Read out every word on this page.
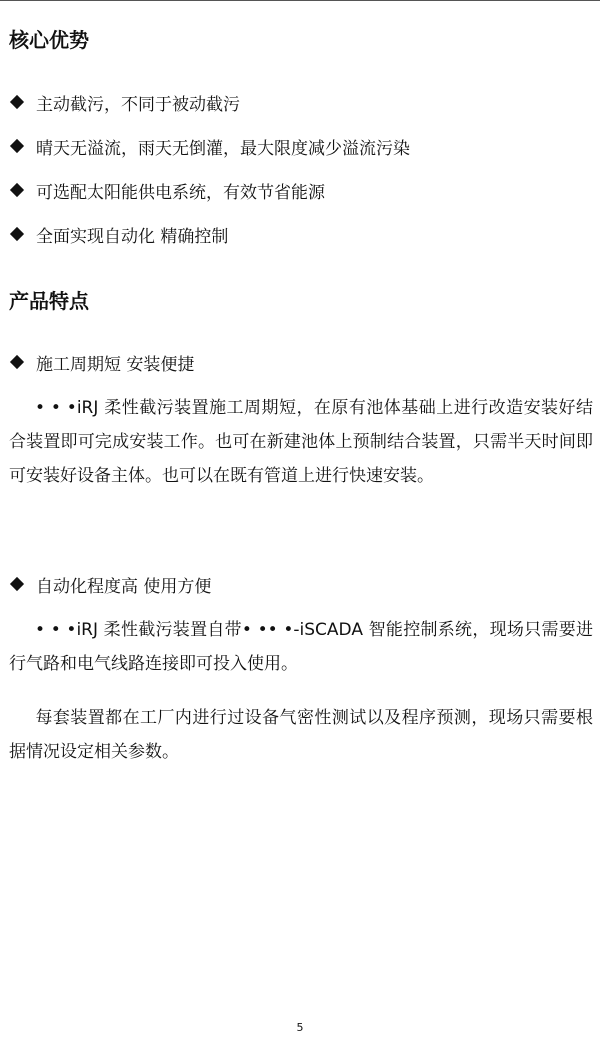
核心优势
主动截污，不同于被动截污
晴天无溢流，雨天无倒灌，最大限度减少溢流污染
可选配太阳能供电系统，有效节省能源
全面实现自动化 精确控制
产品特点
施工周期短 安装便捷

• • •iRJ 柔性截污装置施工周期短，在原有池体基础上进行改造安装好结合装置即可完成安装工作。也可在新建池体上预制结合装置，只需半天时间即可安装好设备主体。也可以在既有管道上进行快速安装。

自动化程度高 使用方便

• • •iRJ 柔性截污装置自带• •• •-iSCADA 智能控制系统，现场只需要进行气路和电气线路连接即可投入使用。

每套装置都在工厂内进行过设备气密性测试以及程序预测，现场只需要根据情况设定相关参数。

5
